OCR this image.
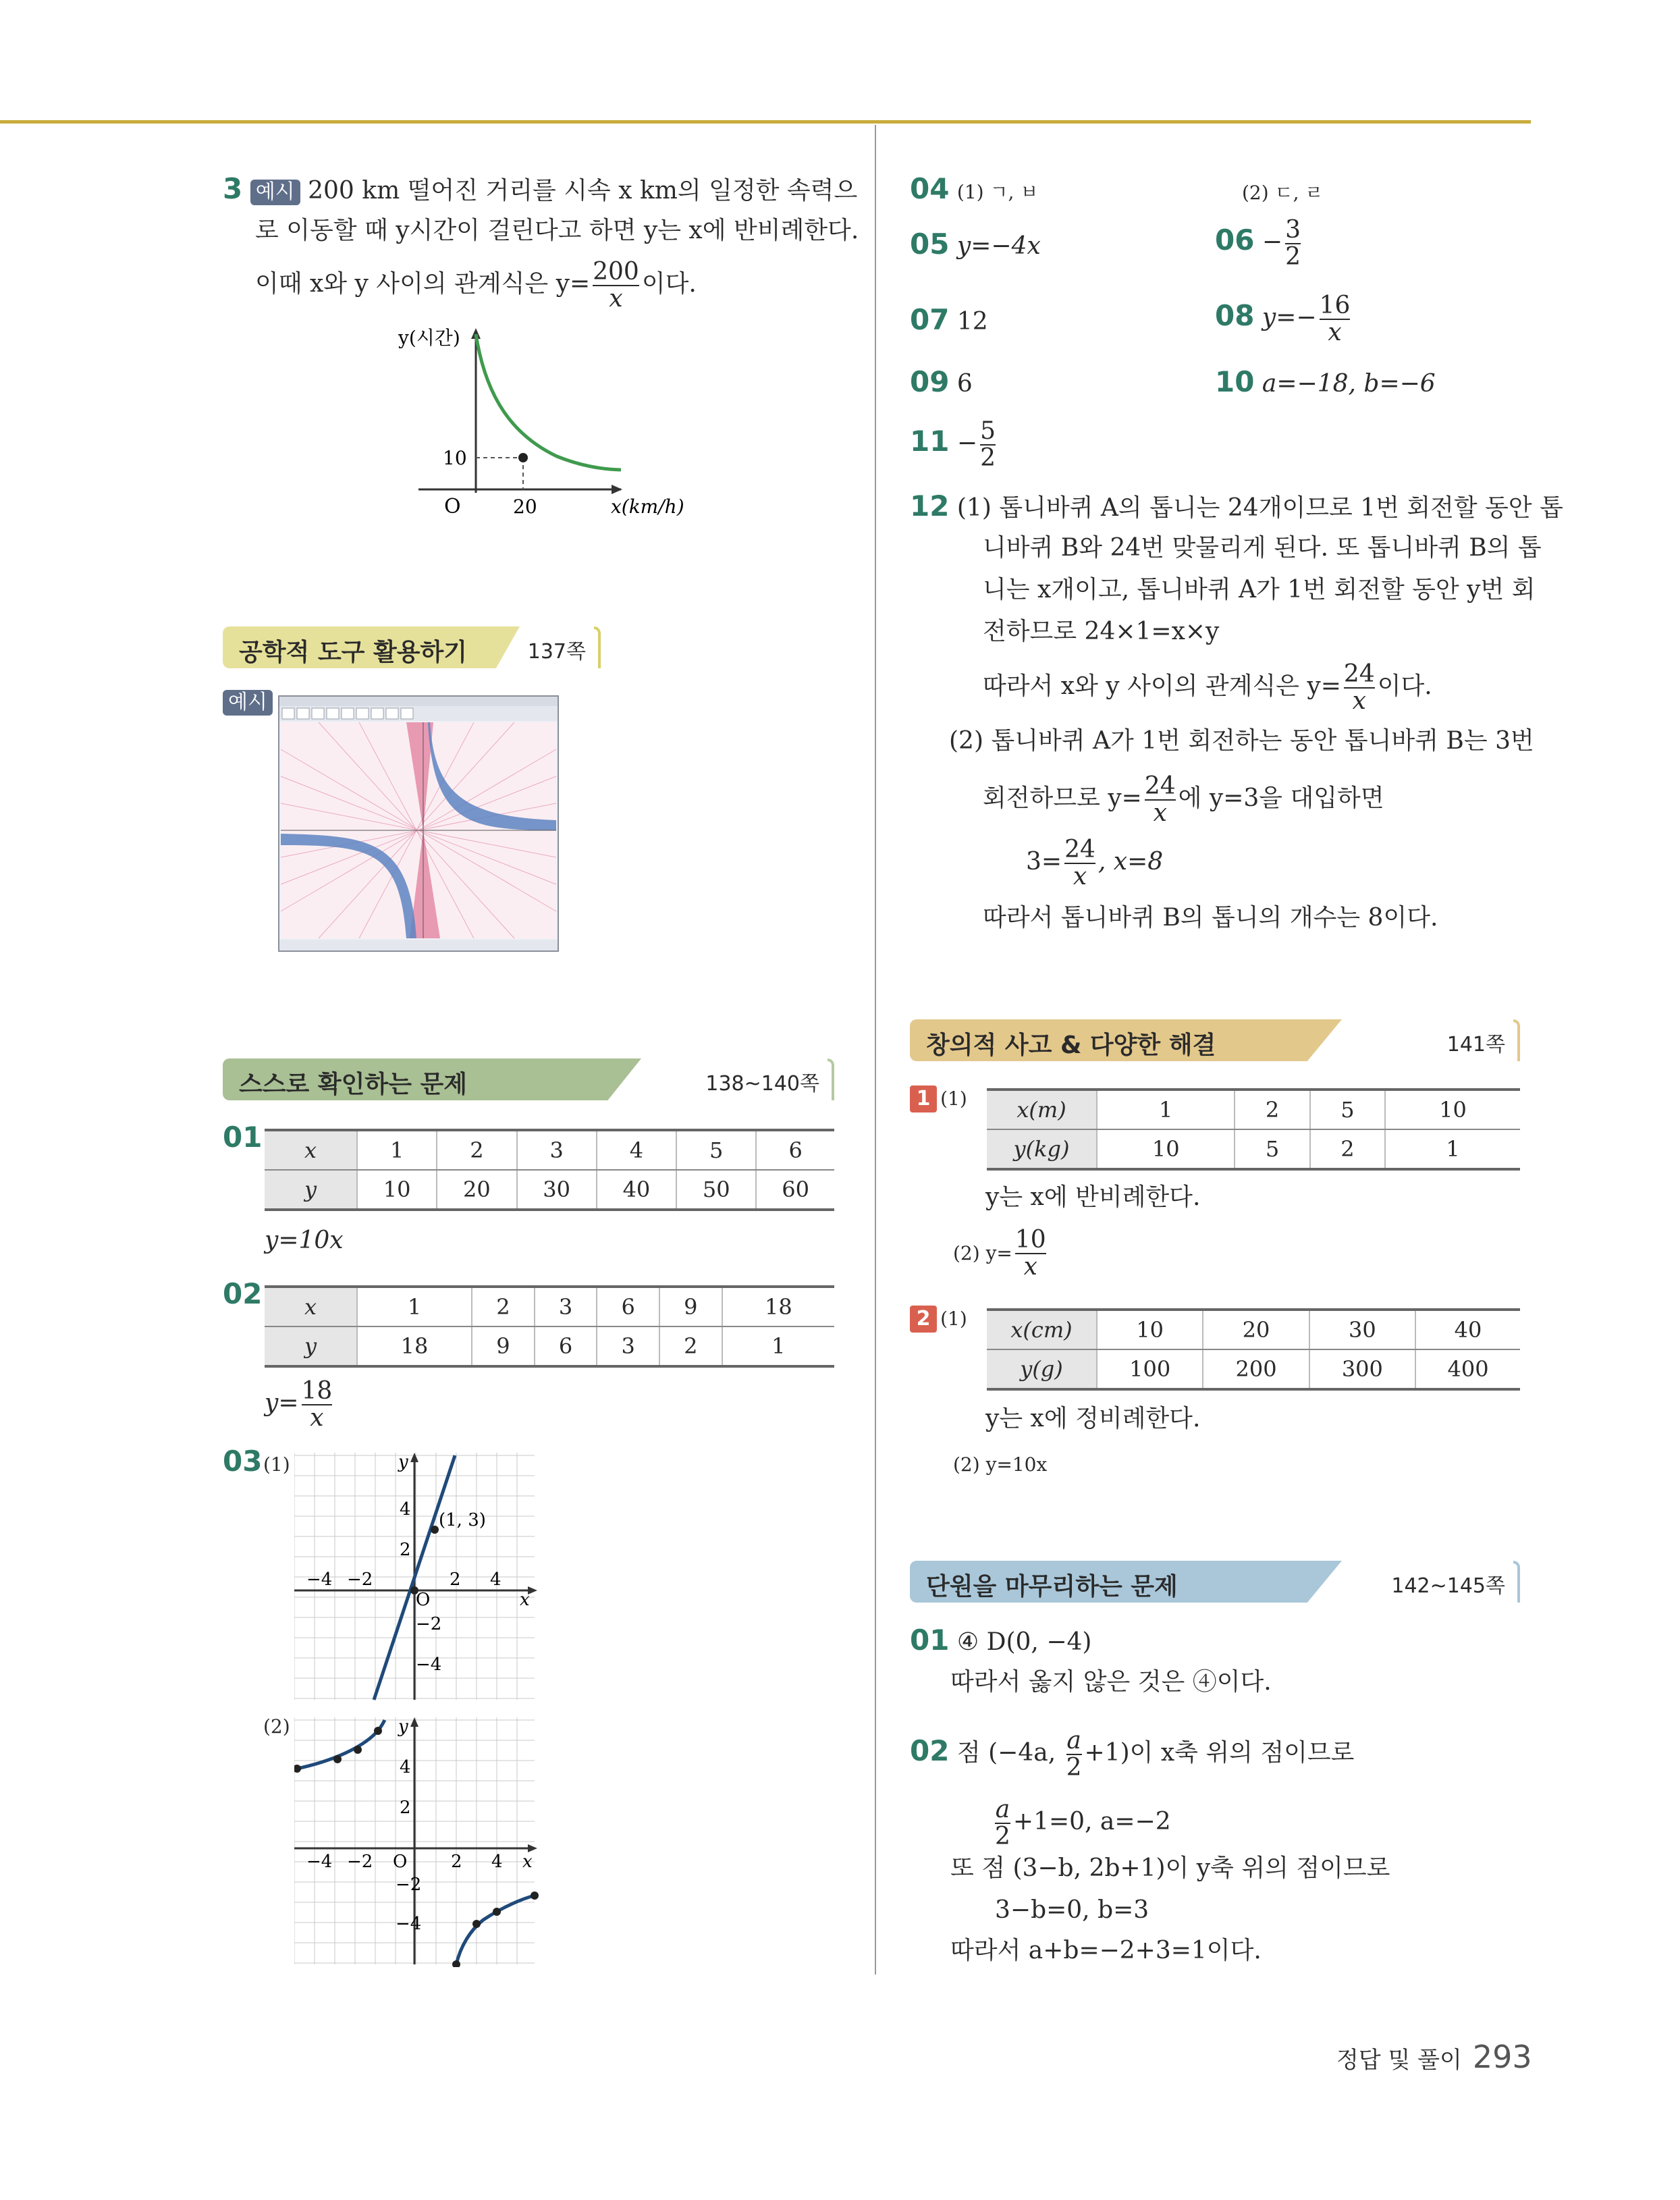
3 예시 200 km 떨어진 거리를 시속 x km의 일정한 속력으
로 이동할 때 y시간이 걸린다고 하면 y는 x에 반비례한다.
이때 x와 y 사이의 관계식은 $y= \frac{200}{x}$ 이다.
y(시간)
10
O	20	x(km/h)
공학적 도구 활용하기	137쪽
예시
스스로 확인하는 문제	138~140쪽
01 x	1	2	3	4	5	6
y	10	20	30	40	50	60
y=10x
02 x	1	2	3	6	9	18
y	18	9	6	3	2	1
$y= \frac{18}{x}$
03 (1)
(2)
(1, 3)
−4 −2
O
2 4
x
y
4
2
−2
−4
−4 −2 O 2 4 x
y
4
2
−2
−4
04 (1) ㄱ, ㅂ	(2) ㄷ, ㄹ
05 y=−4x	$06 - \frac{3}{2}$
07 12	08 $y=- \frac{16}{x}$
09 6	10 a=−18, b=−6
$11 - \frac{5}{2}$
12 (1) 톱니바퀴 A의 톱니는 24개이므로 1번 회전할 동안 톱
니바퀴 B와 24번 맞물리게 된다. 또 톱니바퀴 B의 톱
니는 x개이고, 톱니바퀴 A가 1번 회전할 동안 y번 회
전하므로 24×1=x×y
따라서 x와 y 사이의 관계식은 $y= \frac{24}{x}$ 이다.
(2) 톱니바퀴 A가 1번 회전하는 동안 톱니바퀴 B는 3번
회전하므로 $y= \frac{24}{x}$ 에 y=3을 대입하면
$3= \frac{24}{x}$ , x=8
따라서 톱니바퀴 B의 톱니의 개수는 8이다.
창의적 사고 & 다양한 해결	141쪽
1 (1) x(m)	1	2	5	10
y(kg)	10	5	2	1
y는 x에 반비례한다.
(2) $y= \frac{10}{x}$
2 (1) x(cm)	10	20	30	40
y(g)	100	200	300	400
y는 x에 정비례한다.
(2) y=10x
단원을 마무리하는 문제	142~145쪽
01 ④ D(0, −4)
따라서 옳지 않은 것은 ④이다.
02 점 (−4a, $\frac{a}{2} +1$)이 x축 위의 점이므로
$\frac{a}{2} +1=0$, a=−2
또 점 (3−b, 2b+1)이 y축 위의 점이므로
3−b=0, b=3
따라서 a+b=−2+3=1이다.
정답 및 풀이 293
